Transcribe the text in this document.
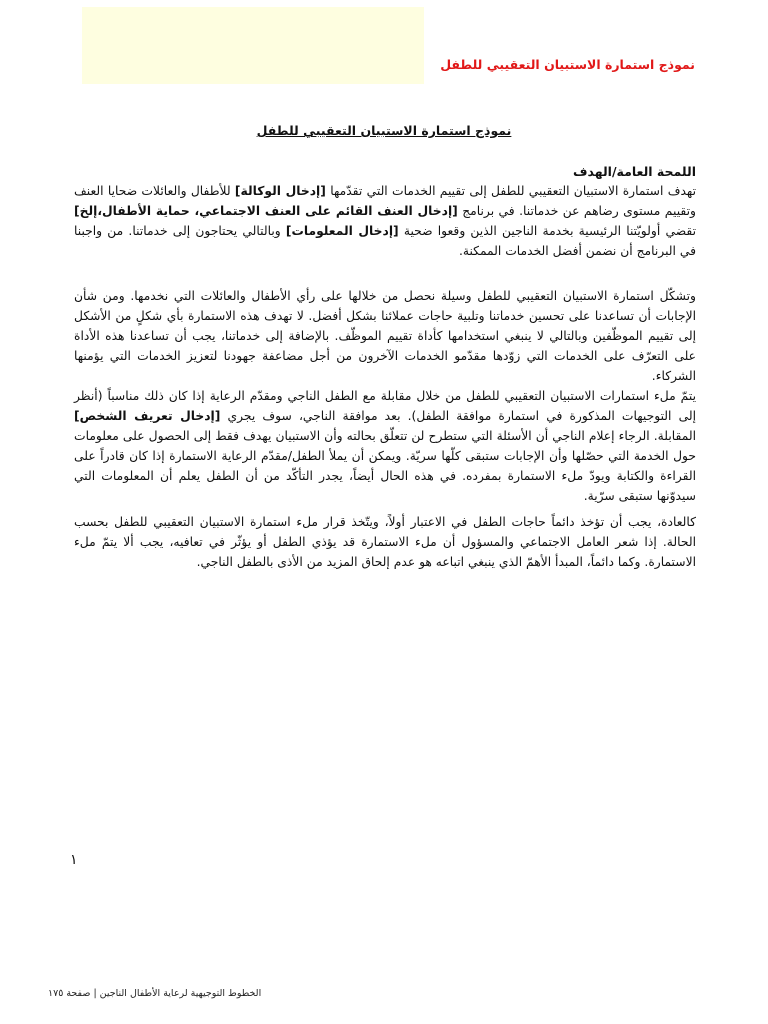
نموذج استمارة الاستبيان التعقيبي للطفل

نموذج استمارة الاستبيان التعقيبي للطفل

اللمحة العامة/الهدف

تهدف استمارة الاستبيان التعقيبي للطفل إلى تقييم الخدمات التي تقدّمها [إدخال الوكالة] للأطفال والعائلات ضحايا العنف وتقييم مستوى رضاهم عن خدماتنا. في برنامج [إدخال العنف القائم على العنف الاجتماعي، حماية الأطفال،إلخ] تقضي أولويّتنا الرئيسية بخدمة الناجين الذين وقعوا ضحية [إدخال المعلومات] وبالتالي يحتاجون إلى خدماتنا. من واجبنا في البرنامج أن نضمن أفضل الخدمات الممكنة.

وتشكّل استمارة الاستبيان التعقيبي للطفل وسيلة نحصل من خلالها على رأي الأطفال والعائلات التي نخدمها. ومن شأن الإجابات أن تساعدنا على تحسين خدماتنا وتلبية حاجات عملائنا بشكل أفضل. لا تهدف هذه الاستمارة بأي شكلٍ من الأشكل إلى تقييم الموظّفين وبالتالي لا ينبغي استخدامها كأداة تقييم الموظّف. بالإضافة إلى خدماتنا، يجب أن تساعدنا هذه الأداة على التعرّف على الخدمات التي زوّدها مقدّمو الخدمات الآخرون من أجل مضاعفة جهودنا لتعزيز الخدمات التي يؤمنها الشركاء.

يتمّ ملء استمارات الاستبيان التعقيبي للطفل من خلال مقابلة مع الطفل الناجي ومقدّم الرعاية إذا كان ذلك مناسباً (أنظر إلى التوجيهات المذكورة في استمارة موافقة الطفل). بعد موافقة الناجي، سوف يجري [إدخال تعريف الشخص] المقابلة. الرجاء إعلام الناجي أن الأسئلة التي ستطرح لن تتعلّق بحالته وأن الاستبيان يهدف فقط إلى الحصول على معلومات حول الخدمة التي حصّلها وأن الإجابات ستبقى كلّها سريّة. ويمكن أن يملأ الطفل/مقدّم الرعاية الاستمارة إذا كان قادراً على القراءة والكتابة ويودّ ملء الاستمارة بمفرده. في هذه الحال أيضاً، يجدر التأكّد من أن الطفل يعلم أن المعلومات التي سيدوّنها ستبقى سرّية.

كالعادة، يجب أن تؤخذ دائماً حاجات الطفل في الاعتبار أولاً، ويتّخذ قرار ملء استمارة الاستبيان التعقيبي للطفل بحسب الحالة. إذا شعر العامل الاجتماعي والمسؤول أن ملء الاستمارة قد يؤذي الطفل أو يؤثّر في تعافيه، يجب ألا يتمّ ملء الاستمارة. وكما دائماً، المبدأ الأهمّ الذي ينبغي اتباعه هو عدم إلحاق المزيد من الأذى بالطفل الناجي.

١

الخطوط التوجيهية لرعاية الأطفال الناجين | صفحة ١٧٥
